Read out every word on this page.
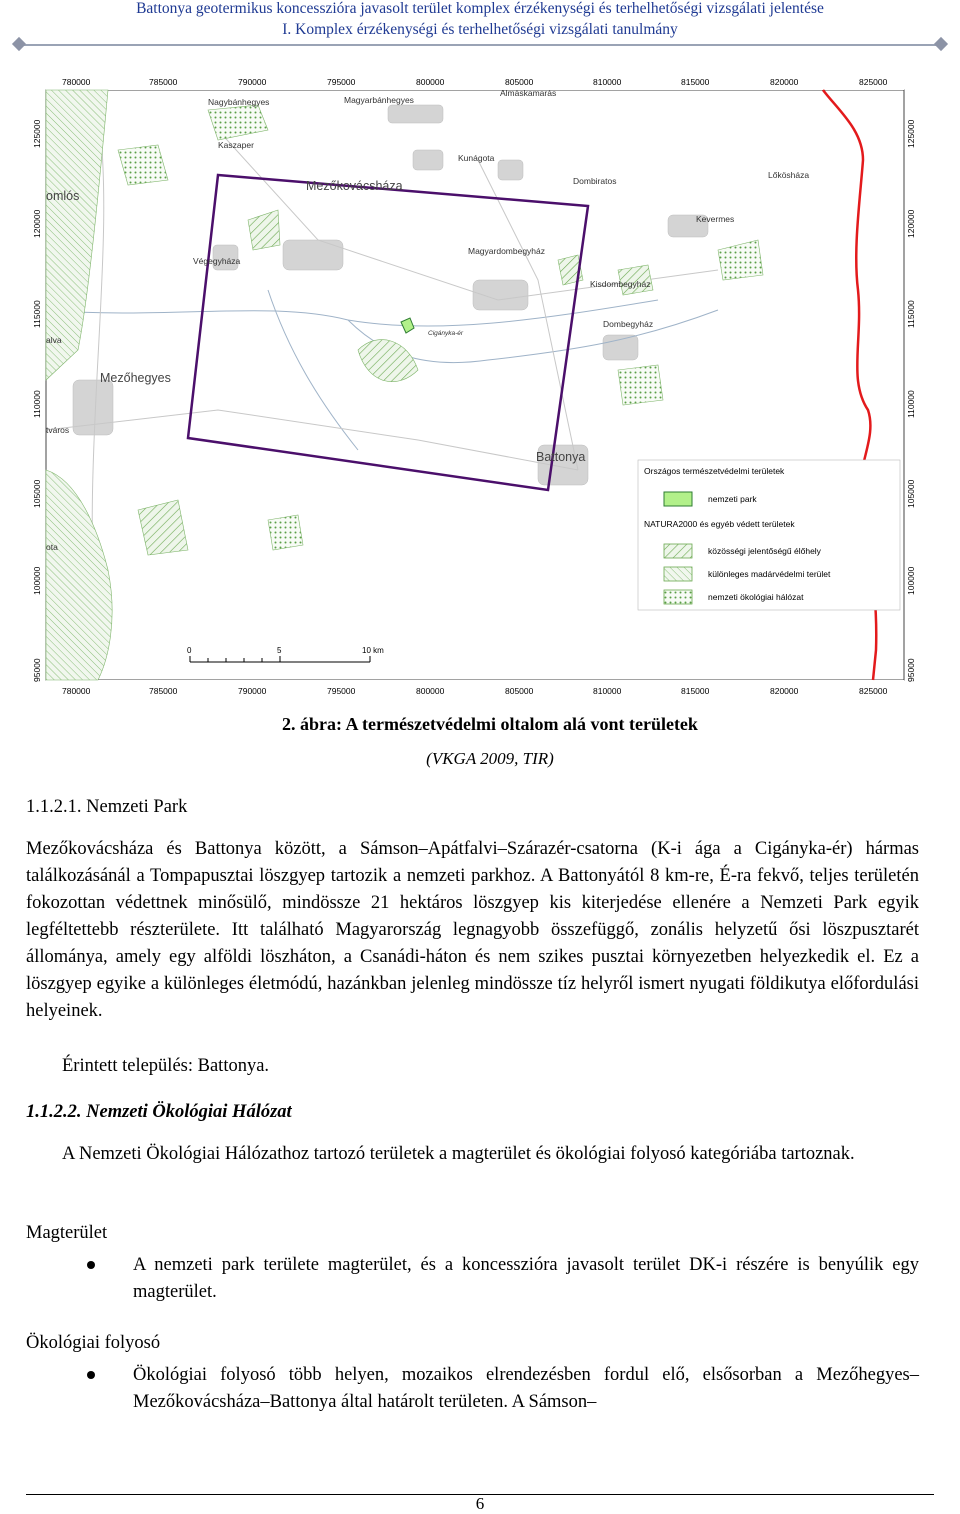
Battonya geotermikus koncesszióra javasolt terület komplex érzékenységi és terhelhetőségi vizsgálati jelentése
I. Komplex érzékenységi és terhelhetőségi vizsgálati tanulmány
780000	785000	790000	795000	800000	805000	810000	815000	820000	825000
780000	785000	790000	795000	800000	805000	810000	815000	820000	825000
125000
120000
115000
110000
105000
100000
95000
125000
120000
115000
110000
105000
100000
95000
Nagybánhegyes	Magyarbánhegyes
Almáskamarás
Kaszaper
Kunágota
Dombiratos
Lőkösháza
Kevermes
Végegyháza
Magyardombegyház
Kisdombegyház
Dombegyház
alva
tváros
ota
Cigányka-ér
Mezőkovácsháza
Mezőhegyes
Battonya
omlós
Országos természetvédelmi területek
nemzeti park
NATURA2000 és egyéb védett területek
közösségi jelentőségű élőhely
különleges madárvédelmi terület
nemzeti ökológiai hálózat
0	5	10 km
2. ábra: A természetvédelmi oltalom alá vont területek
(VKGA 2009, TIR)
1.1.2.1. Nemzeti Park
Mezőkovácsháza és Battonya között, a Sámson–Apátfalvi–Szárazér-csatorna (K-i ága a Cigányka-ér) hármas találkozásánál a Tompapusztai löszgyep tartozik a nemzeti parkhoz. A Battonyától 8 km-re, É-ra fekvő, teljes területén fokozottan védettnek minősülő, mindössze 21 hektáros löszgyep kis kiterjedése ellenére a Nemzeti Park egyik legféltettebb részterülete. Itt található Magyarország legnagyobb összefüggő, zonális helyzetű ősi löszpusztarét állománya, amely egy alföldi löszháton, a Csanádi-háton és nem szikes pusztai környezetben helyezkedik el. Ez a löszgyep egyike a különleges életmódú, hazánkban jelenleg mindössze tíz helyről ismert nyugati földikutya előfordulási helyeinek.
Érintett település: Battonya.
1.1.2.2. Nemzeti Ökológiai Hálózat
A Nemzeti Ökológiai Hálózathoz tartozó területek a magterület és ökológiai folyosó kategóriába tartoznak.
Magterület
A nemzeti park területe magterület, és a koncesszióra javasolt terület DK-i részére is benyúlik egy magterület.
Ökológiai folyosó
Ökológiai folyosó több helyen, mozaikos elrendezésben fordul elő, elsősorban a Mezőhegyes–Mezőkovácsháza–Battonya által határolt területen. A Sámson–
6
